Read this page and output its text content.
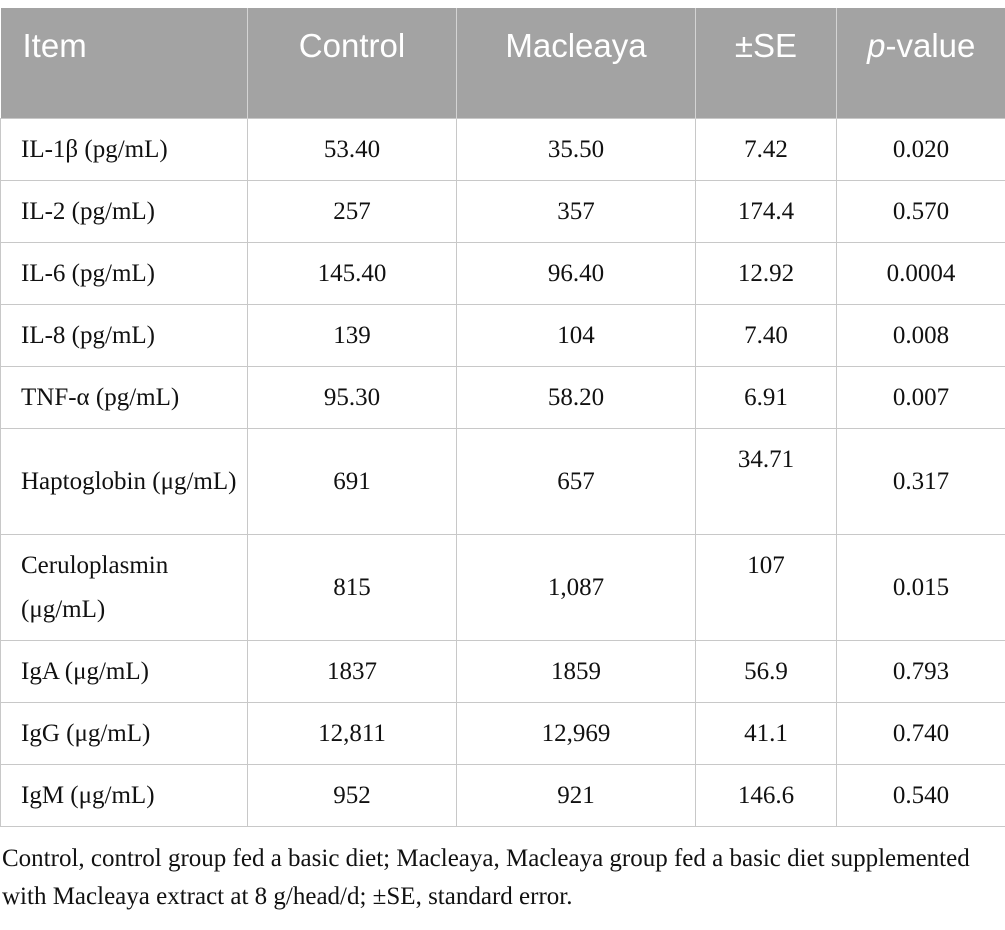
Item	Control	Macleaya	±SE	p-value

IL-1β (pg/mL)	53.40	35.50	7.42	0.020
IL-2 (pg/mL)	257	357	174.4	0.570
IL-6 (pg/mL)	145.40	96.40	12.92	0.0004
IL-8 (pg/mL)	139	104	7.40	0.008
TNF-α (pg/mL)	95.30	58.20	6.91	0.007
Haptoglobin (μg/mL)	691	657	34.71	0.317
Ceruloplasmin (μg/mL)	815	1,087	107	0.015
IgA (μg/mL)	1837	1859	56.9	0.793
IgG (μg/mL)	12,811	12,969	41.1	0.740
IgM (μg/mL)	952	921	146.6	0.540
Control, control group fed a basic diet; Macleaya, Macleaya group fed a basic diet supplemented with Macleaya extract at 8 g/head/d; ±SE, standard error.
